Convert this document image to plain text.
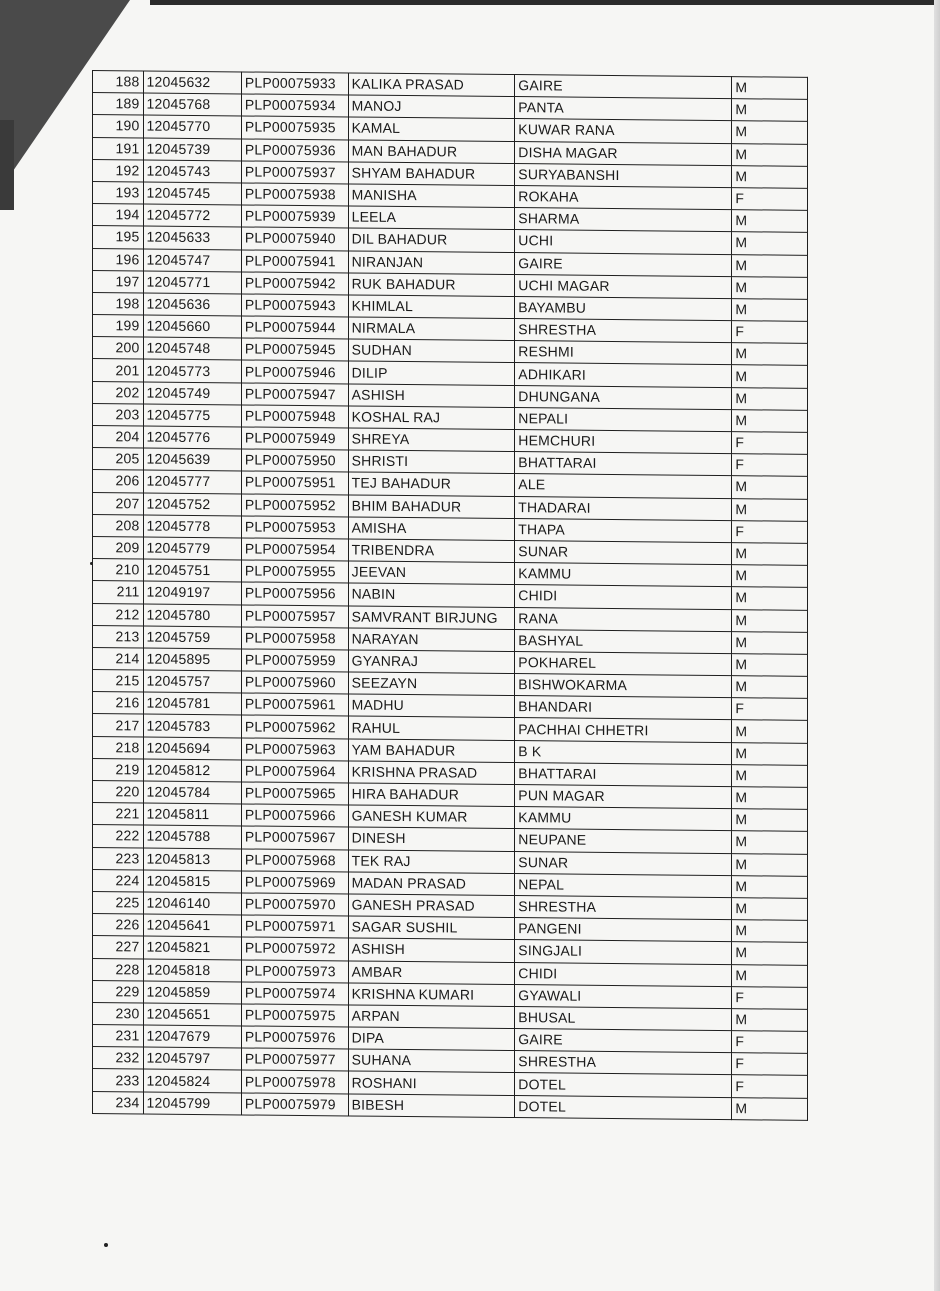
188	12045632	PLP00075933	KALIKA PRASAD	GAIRE	M
189	12045768	PLP00075934	MANOJ	PANTA	M
190	12045770	PLP00075935	KAMAL	KUWAR RANA	M
191	12045739	PLP00075936	MAN BAHADUR	DISHA MAGAR	M
192	12045743	PLP00075937	SHYAM BAHADUR	SURYABANSHI	M
193	12045745	PLP00075938	MANISHA	ROKAHA	F
194	12045772	PLP00075939	LEELA	SHARMA	M
195	12045633	PLP00075940	DIL BAHADUR	UCHI	M
196	12045747	PLP00075941	NIRANJAN	GAIRE	M
197	12045771	PLP00075942	RUK BAHADUR	UCHI MAGAR	M
198	12045636	PLP00075943	KHIMLAL	BAYAMBU	M
199	12045660	PLP00075944	NIRMALA	SHRESTHA	F
200	12045748	PLP00075945	SUDHAN	RESHMI	M
201	12045773	PLP00075946	DILIP	ADHIKARI	M
202	12045749	PLP00075947	ASHISH	DHUNGANA	M
203	12045775	PLP00075948	KOSHAL RAJ	NEPALI	M
204	12045776	PLP00075949	SHREYA	HEMCHURI	F
205	12045639	PLP00075950	SHRISTI	BHATTARAI	F
206	12045777	PLP00075951	TEJ BAHADUR	ALE	M
207	12045752	PLP00075952	BHIM BAHADUR	THADARAI	M
208	12045778	PLP00075953	AMISHA	THAPA	F
209	12045779	PLP00075954	TRIBENDRA	SUNAR	M
210	12045751	PLP00075955	JEEVAN	KAMMU	M
211	12049197	PLP00075956	NABIN	CHIDI	M
212	12045780	PLP00075957	SAMVRANT BIRJUNG	RANA	M
213	12045759	PLP00075958	NARAYAN	BASHYAL	M
214	12045895	PLP00075959	GYANRAJ	POKHAREL	M
215	12045757	PLP00075960	SEEZAYN	BISHWOKARMA	M
216	12045781	PLP00075961	MADHU	BHANDARI	F
217	12045783	PLP00075962	RAHUL	PACHHAI CHHETRI	M
218	12045694	PLP00075963	YAM BAHADUR	B K	M
219	12045812	PLP00075964	KRISHNA PRASAD	BHATTARAI	M
220	12045784	PLP00075965	HIRA BAHADUR	PUN MAGAR	M
221	12045811	PLP00075966	GANESH KUMAR	KAMMU	M
222	12045788	PLP00075967	DINESH	NEUPANE	M
223	12045813	PLP00075968	TEK RAJ	SUNAR	M
224	12045815	PLP00075969	MADAN PRASAD	NEPAL	M
225	12046140	PLP00075970	GANESH PRASAD	SHRESTHA	M
226	12045641	PLP00075971	SAGAR SUSHIL	PANGENI	M
227	12045821	PLP00075972	ASHISH	SINGJALI	M
228	12045818	PLP00075973	AMBAR	CHIDI	M
229	12045859	PLP00075974	KRISHNA KUMARI	GYAWALI	F
230	12045651	PLP00075975	ARPAN	BHUSAL	M
231	12047679	PLP00075976	DIPA	GAIRE	F
232	12045797	PLP00075977	SUHANA	SHRESTHA	F
233	12045824	PLP00075978	ROSHANI	DOTEL	F
234	12045799	PLP00075979	BIBESH	DOTEL	M
